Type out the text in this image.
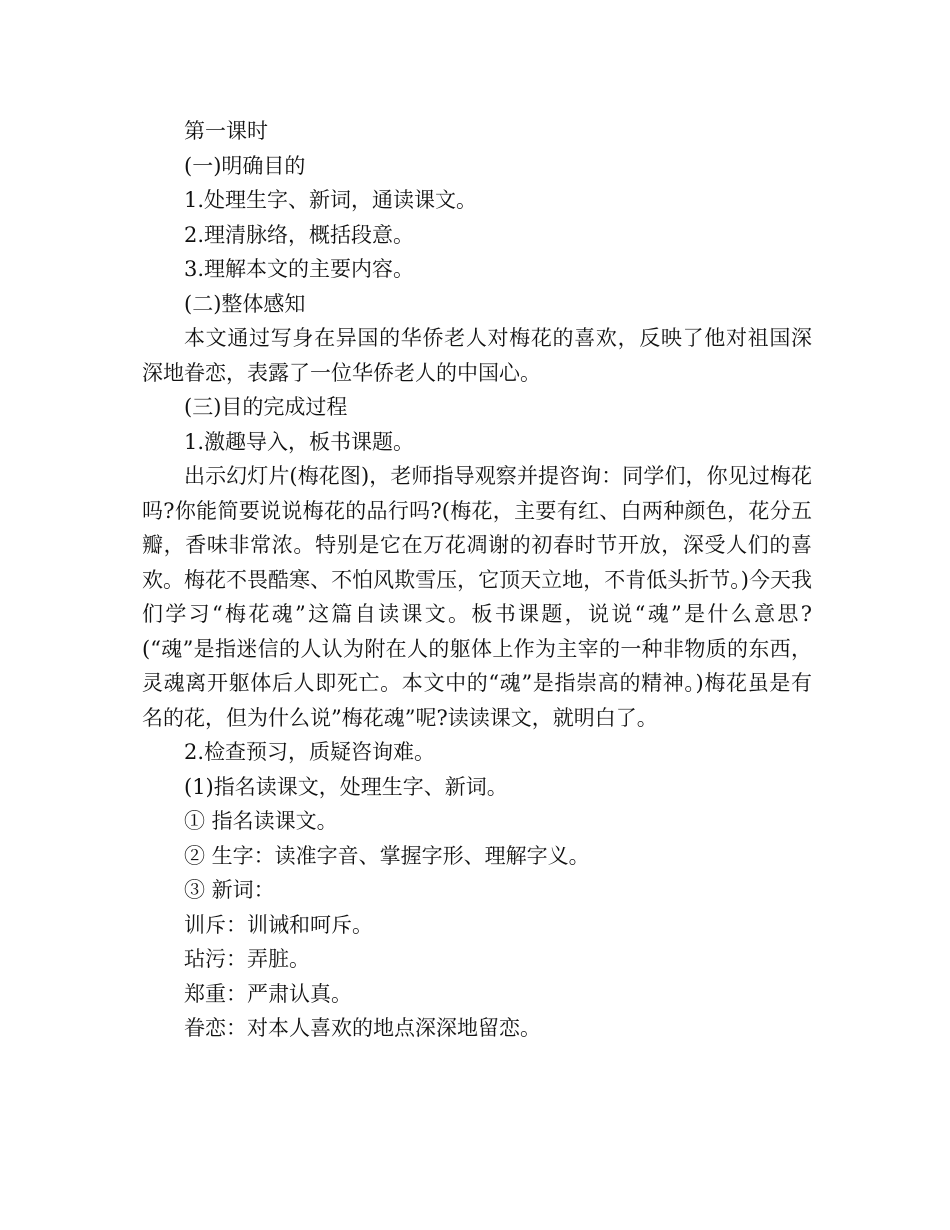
第一课时
(一)明确目的
1.处理生字、新词，通读课文。
2.理清脉络，概括段意。
3.理解本文的主要内容。
(二)整体感知

本文通过写身在异国的华侨老人对梅花的喜欢，反映了他对祖国深深地眷恋，表露了一位华侨老人的中国心。

(三)目的完成过程
1.激趣导入，板书课题。

出示幻灯片(梅花图)，老师指导观察并提咨询：同学们，你见过梅花吗?你能简要说说梅花的品行吗?(梅花，主要有红、白两种颜色，花分五瓣，香味非常浓。特别是它在万花凋谢的初春时节开放，深受人们的喜欢。梅花不畏酷寒、不怕风欺雪压，它顶天立地，不肯低头折节。)今天我们学习“梅花魂”这篇自读课文。板书课题，说说“魂”是什么意思?(“魂”是指迷信的人认为附在人的躯体上作为主宰的一种非物质的东西，灵魂离开躯体后人即死亡。本文中的“魂”是指崇高的精神。)梅花虽是有名的花，但为什么说”梅花魂”呢?读读课文，就明白了。

2.检查预习，质疑咨询难。
(1)指名读课文，处理生字、新词。
① 指名读课文。
② 生字：读准字音、掌握字形、理解字义。
③ 新词：
训斥：训诫和呵斥。
玷污：弄脏。
郑重：严肃认真。
眷恋：对本人喜欢的地点深深地留恋。
